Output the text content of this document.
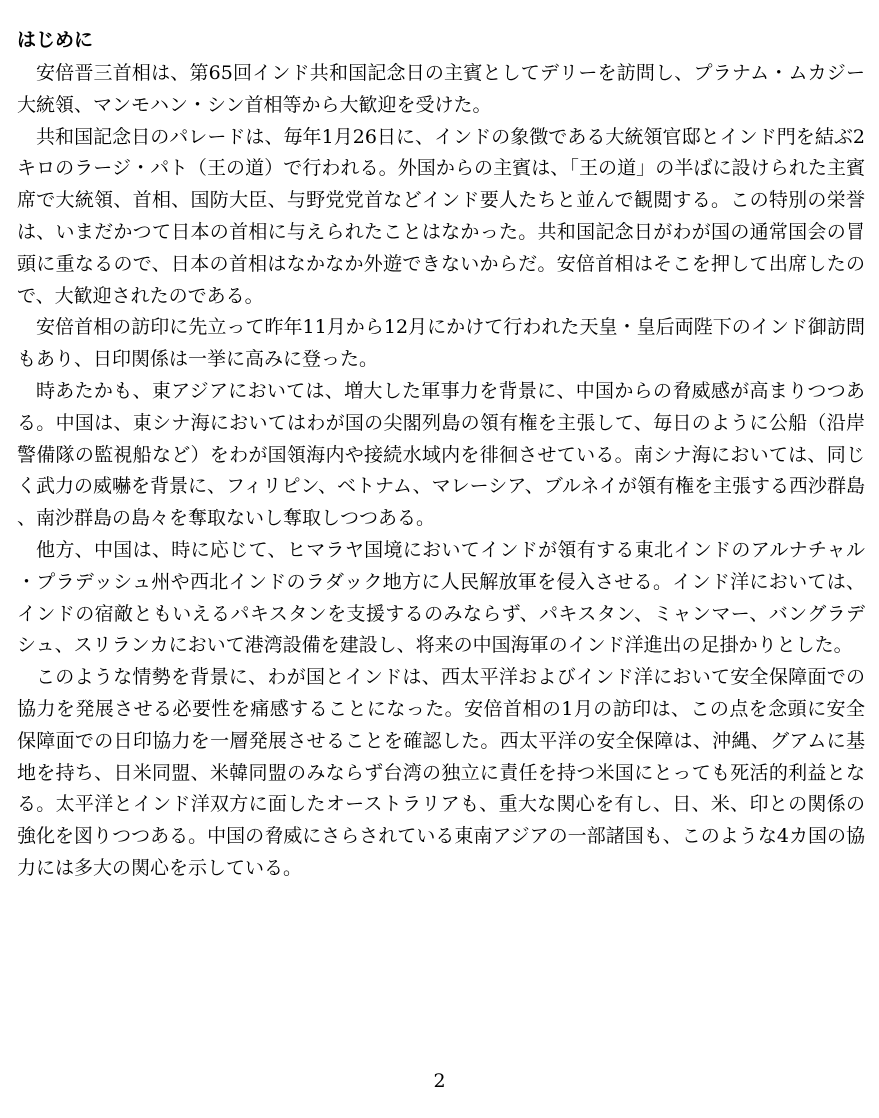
はじめに

安倍晋三首相は、第65回インド共和国記念日の主賓としてデリーを訪問し、プラナム・ムカジー大統領、マンモハン・シン首相等から大歓迎を受けた。

共和国記念日のパレードは、毎年1月26日に、インドの象徴である大統領官邸とインド門を結ぶ2キロのラージ・パト（王の道）で行われる。外国からの主賓は、「王の道」の半ばに設けられた主賓席で大統領、首相、国防大臣、与野党党首などインド要人たちと並んで観閲する。この特別の栄誉は、いまだかつて日本の首相に与えられたことはなかった。共和国記念日がわが国の通常国会の冒頭に重なるので、日本の首相はなかなか外遊できないからだ。安倍首相はそこを押して出席したので、大歓迎されたのである。

安倍首相の訪印に先立って昨年11月から12月にかけて行われた天皇・皇后両陛下のインド御訪問もあり、日印関係は一挙に高みに登った。

時あたかも、東アジアにおいては、増大した軍事力を背景に、中国からの脅威感が高まりつつある。中国は、東シナ海においてはわが国の尖閣列島の領有権を主張して、毎日のように公船（沿岸警備隊の監視船など）をわが国領海内や接続水域内を徘徊させている。南シナ海においては、同じく武力の威嚇を背景に、フィリピン、ベトナム、マレーシア、ブルネイが領有権を主張する西沙群島、南沙群島の島々を奪取ないし奪取しつつある。

他方、中国は、時に応じて、ヒマラヤ国境においてインドが領有する東北インドのアルナチャル・プラデッシュ州や西北インドのラダック地方に人民解放軍を侵入させる。インド洋においては、インドの宿敵ともいえるパキスタンを支援するのみならず、パキスタン、ミャンマー、バングラデシュ、スリランカにおいて港湾設備を建設し、将来の中国海軍のインド洋進出の足掛かりとした。

このような情勢を背景に、わが国とインドは、西太平洋およびインド洋において安全保障面での協力を発展させる必要性を痛感することになった。安倍首相の1月の訪印は、この点を念頭に安全保障面での日印協力を一層発展させることを確認した。西太平洋の安全保障は、沖縄、グアムに基地を持ち、日米同盟、米韓同盟のみならず台湾の独立に責任を持つ米国にとっても死活的利益となる。太平洋とインド洋双方に面したオーストラリアも、重大な関心を有し、日、米、印との関係の強化を図りつつある。中国の脅威にさらされている東南アジアの一部諸国も、このような4カ国の協力には多大の関心を示している。

2
